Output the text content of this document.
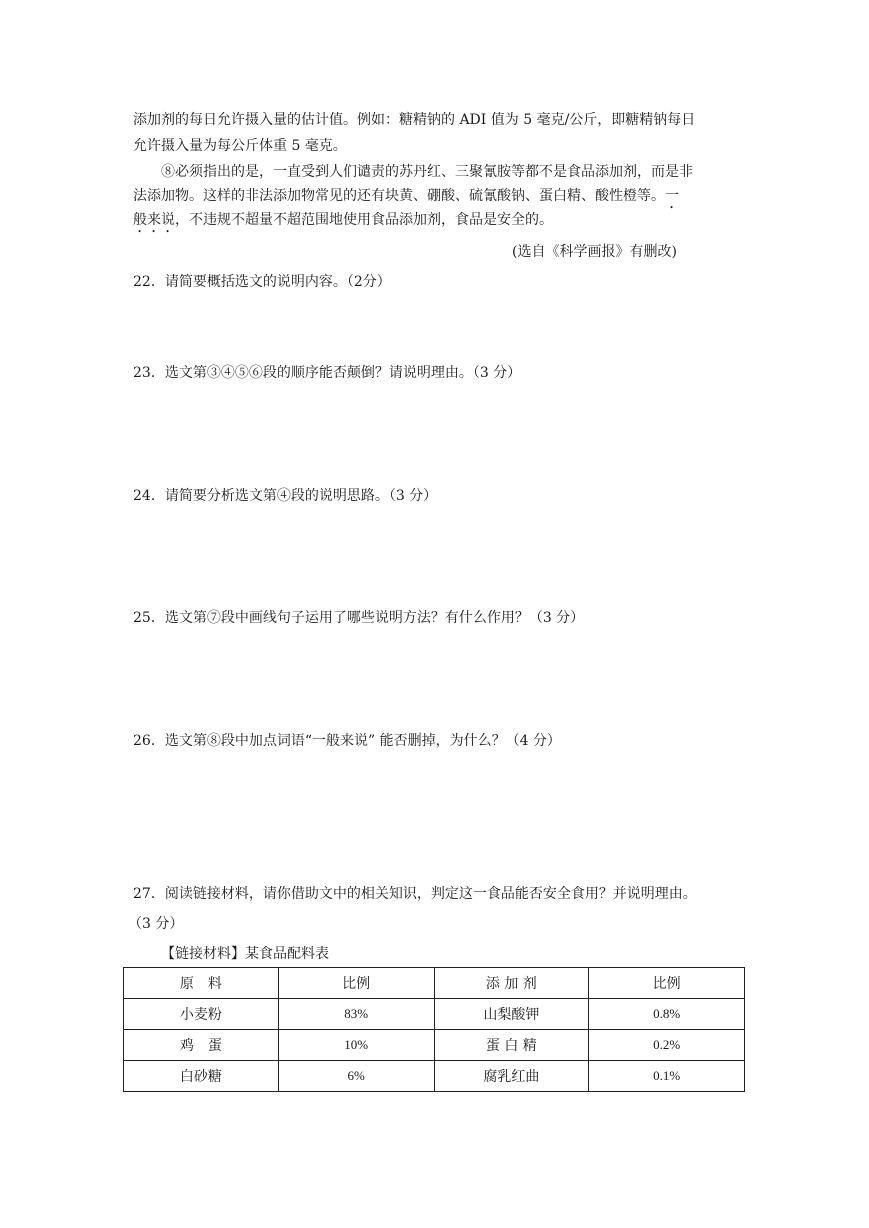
添加剂的每日允许摄入量的估计值。例如：糖精钠的 ADI 值为 5 毫克/公斤，即糖精钠每日
允许摄入量为每公斤体重 5 毫克。
⑧必须指出的是，一直受到人们谴责的苏丹红、三聚氰胺等都不是食品添加剂，而是非
法添加物。这样的非法添加物常见的还有块黄、硼酸、硫氰酸钠、蛋白精、酸性橙等。一
般来说，不违规不超量不超范围地使用食品添加剂，食品是安全的。
(选自《科学画报》有删改)
22．请简要概括选文的说明内容。（2分）
23．选文第③④⑤⑥段的顺序能否颠倒？请说明理由。（3 分）
24．请简要分析选文第④段的说明思路。（3 分）
25．选文第⑦段中画线句子运用了哪些说明方法？有什么作用？（3 分）
26．选文第⑧段中加点词语“一般来说” 能否删掉，为什么？（4 分）
27．阅读链接材料，请你借助文中的相关知识，判定这一食品能否安全食用？并说明理由。
（3 分）
【链接材料】某食品配料表
原　料	比例	添 加 剂	比例
小麦粉	83%	山梨酸钾	0.8%
鸡　蛋	10%	蛋 白 精	0.2%
白砂糖	6%	腐乳红曲	0.1%
